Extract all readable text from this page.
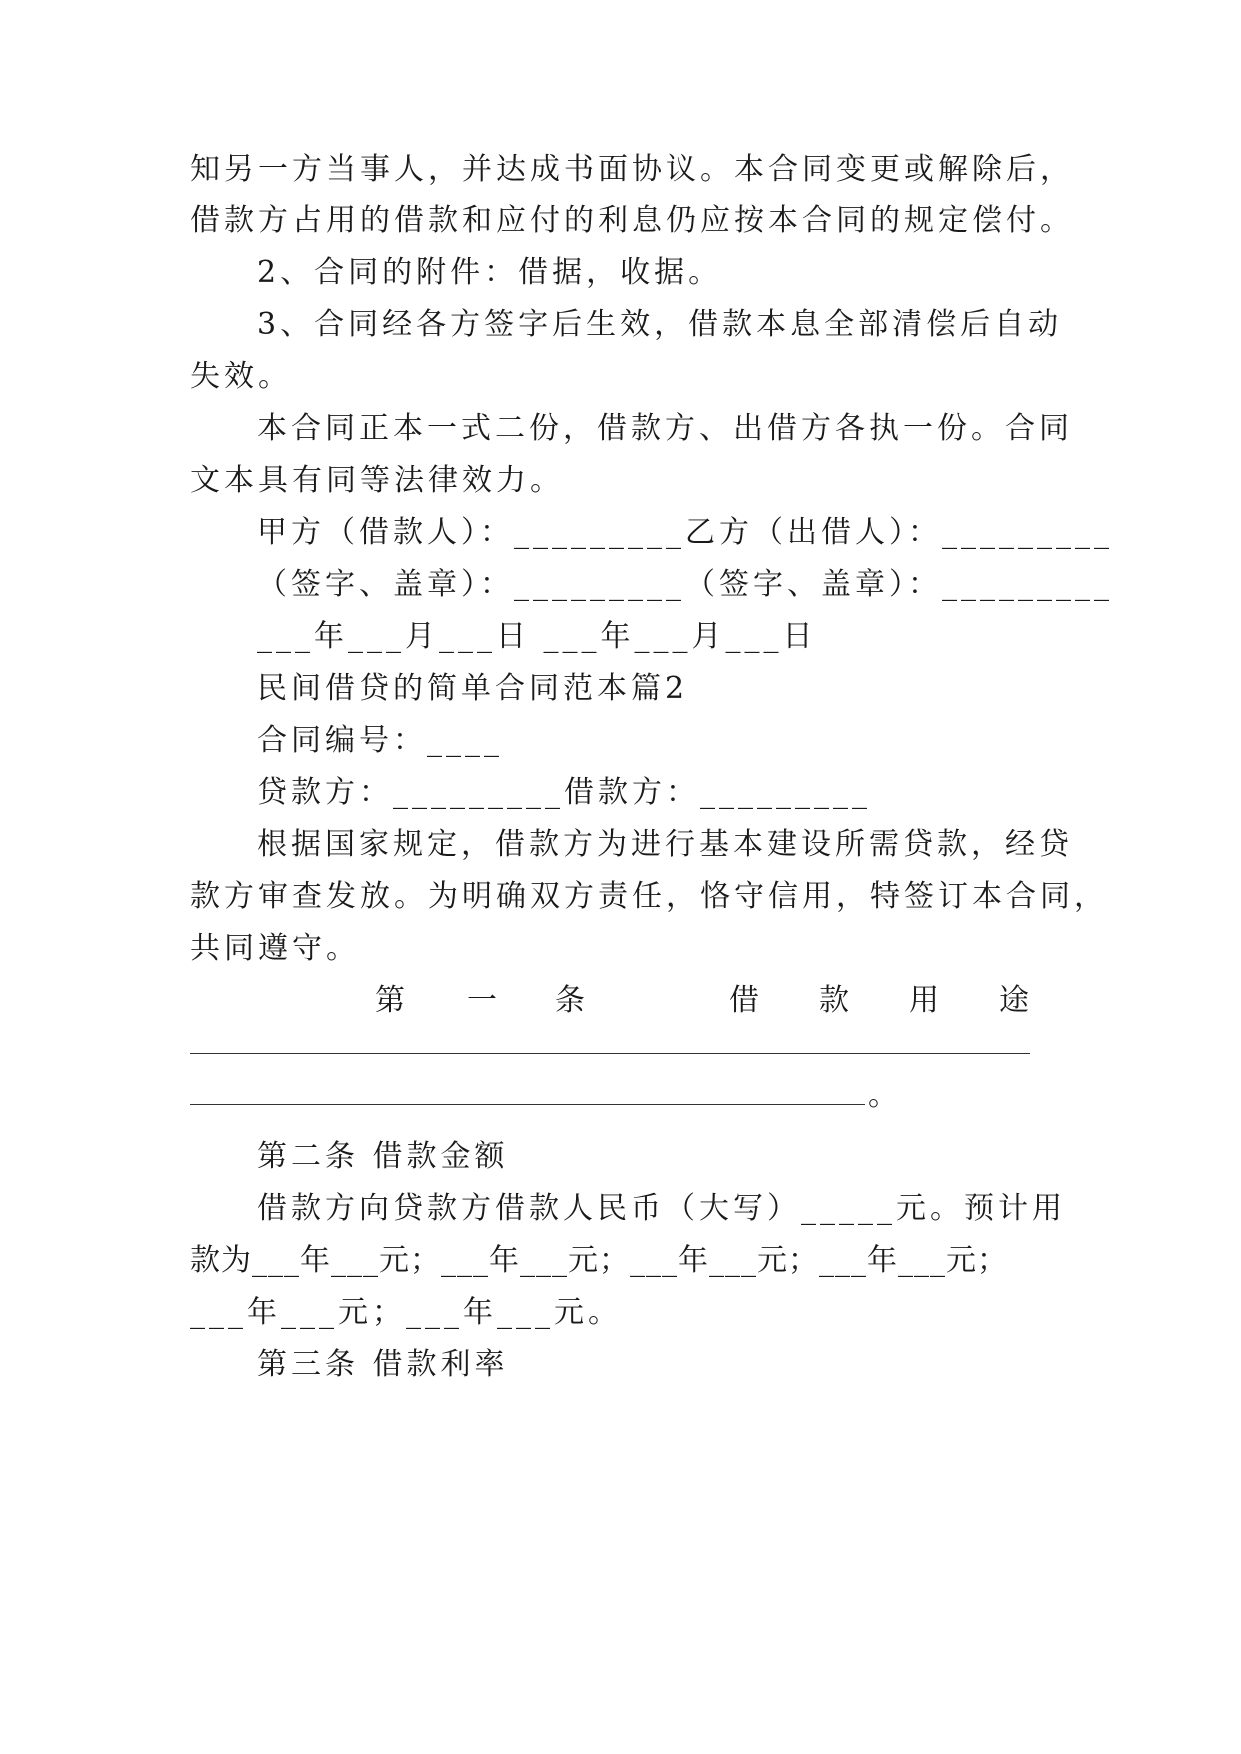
知另一方当事人，并达成书面协议。本合同变更或解除后，
借款方占用的借款和应付的利息仍应按本合同的规定偿付。
2、合同的附件：借据，收据。
3、合同经各方签字后生效，借款本息全部清偿后自动
失效。
本合同正本一式二份，借款方、出借方各执一份。合同
文本具有同等法律效力。
甲方（借款人）：_________乙方（出借人）：_________
（签字、盖章）：_________（签字、盖章）：_________
___年___月___日 ___年___月___日
民间借贷的简单合同范本篇2
合同编号：____
贷款方：_________借款方：_________
根据国家规定，借款方为进行基本建设所需贷款，经贷
款方审查发放。为明确双方责任，恪守信用，特签订本合同，
共同遵守。
第 一 条	借 款 用 途
。
第二条 借款金额
借款方向贷款方借款人民币（大写）_____元。预计用
款为___年___元；___年___元；___年___元；___年___元；
___年___元；___年___元。
第三条 借款利率
